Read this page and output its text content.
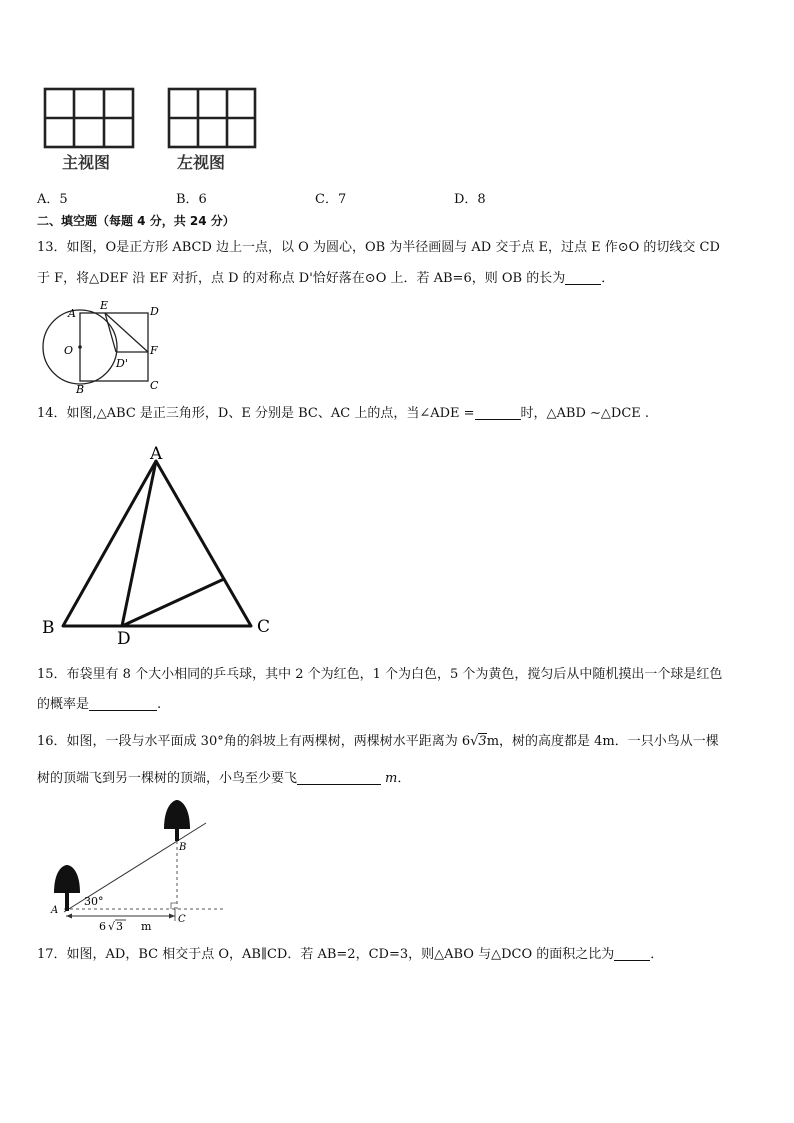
主视图	左视图
A．5	B．6	C．7	D．8
二、填空题（每题 4 分，共 24 分）
13．如图，O是正方形 ABCD 边上一点，以 O 为圆心，OB 为半径画圆与 AD 交于点 E，过点 E 作⊙O 的切线交 CD
于 F，将△DEF 沿 EF 对折，点 D 的对称点 D'恰好落在⊙O 上．若 AB=6，则 OB 的长为	．
A
E	D
O	F
D'
B	C
14．如图,△ABC 是正三角形，D、E 分别是 BC、AC 上的点，当∠ADE =	时，△ABD ∼△DCE .
A
B	C
D
15．布袋里有 8 个大小相同的乒乓球，其中 2 个为红色，1 个为白色，5 个为黄色，搅匀后从中随机摸出一个球是红色
的概率是	.
16．如图，一段与水平面成 30°角的斜坡上有两棵树，两棵树水平距离为 6√3m，树的高度都是 4m．一只小鸟从一棵
树的顶端飞到另一棵树的顶端，小鸟至少要飞	m．
30°
A
B
C
6 √ 3 m
17．如图，AD，BC 相交于点 O，AB∥CD．若 AB=2，CD=3，则△ABO 与△DCO 的面积之比为	．
